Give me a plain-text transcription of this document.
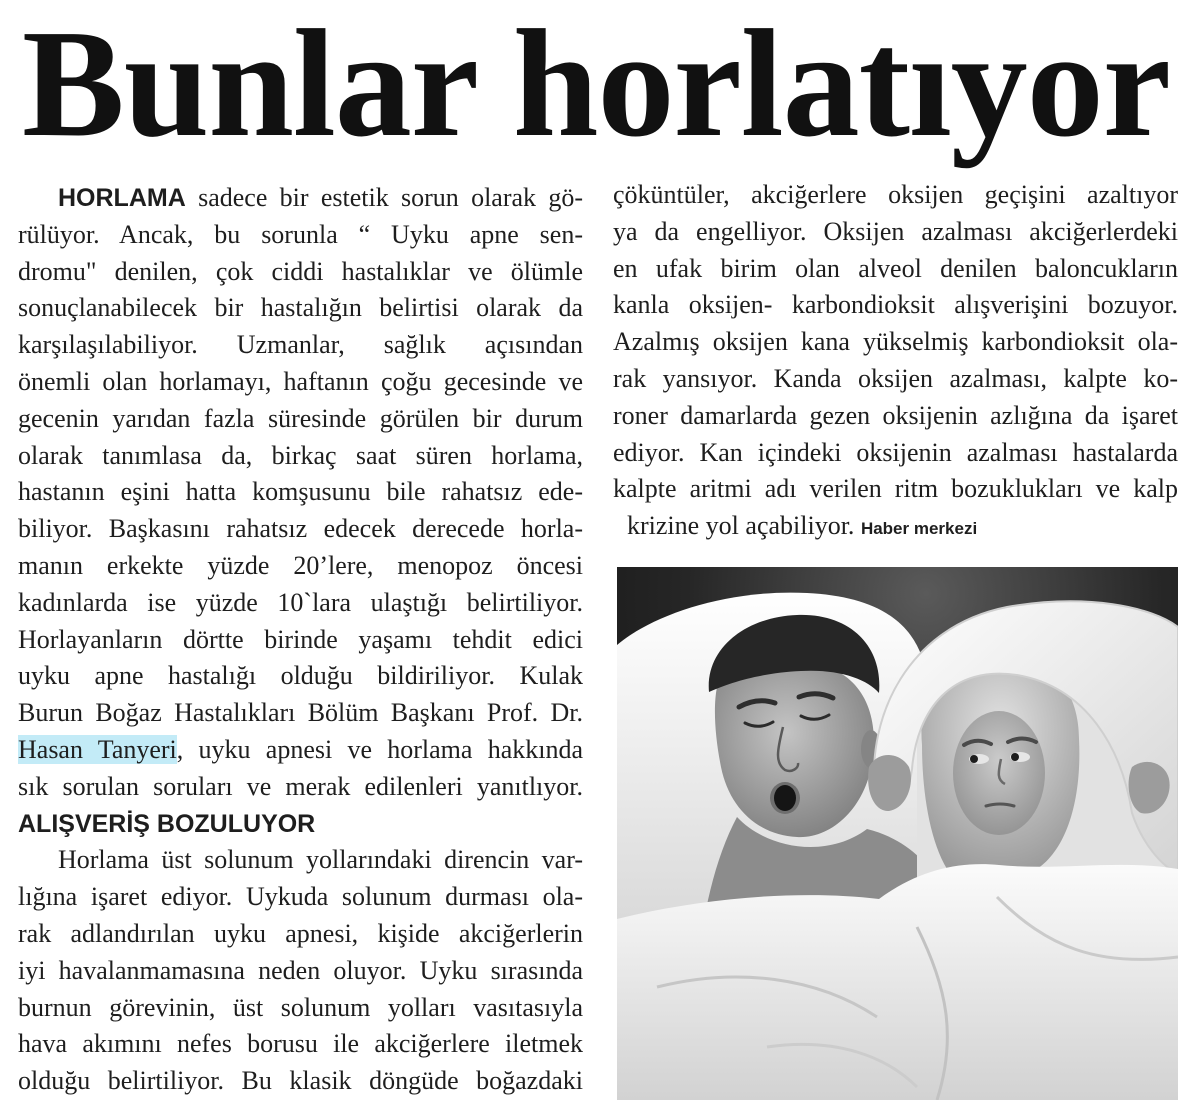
Bunlar horlatıyor
HORLAMA sadece bir estetik sorun olarak gö-
rülüyor. Ancak, bu sorunla “ Uyku apne sen-
dromu" denilen, çok ciddi hastalıklar ve ölümle
sonuçlanabilecek bir hastalığın belirtisi olarak da
karşılaşılabiliyor. Uzmanlar, sağlık açısından
önemli olan horlamayı, haftanın çoğu gecesinde ve
gecenin yarıdan fazla süresinde görülen bir durum
olarak tanımlasa da, birkaç saat süren horlama,
hastanın eşini hatta komşusunu bile rahatsız ede-
biliyor. Başkasını rahatsız edecek derecede horla-
manın erkekte yüzde 20’lere, menopoz öncesi
kadınlarda ise yüzde 10`lara ulaştığı belirtiliyor.
Horlayanların dörtte birinde yaşamı tehdit edici
uyku apne hastalığı olduğu bildiriliyor. Kulak
Burun Boğaz Hastalıkları Bölüm Başkanı Prof. Dr.
Hasan Tanyeri, uyku apnesi ve horlama hakkında
sık sorulan soruları ve merak edilenleri yanıtlıyor.
ALIŞVERİŞ BOZULUYOR
Horlama üst solunum yollarındaki direncin var-
lığına işaret ediyor. Uykuda solunum durması ola-
rak adlandırılan uyku apnesi, kişide akciğerlerin
iyi havalanmamasına neden oluyor. Uyku sırasında
burnun görevinin, üst solunum yolları vasıtasıyla
hava akımını nefes borusu ile akciğerlere iletmek
olduğu belirtiliyor. Bu klasik döngüde boğazdaki
çöküntüler, akciğerlere oksijen geçişini azaltıyor
ya da engelliyor. Oksijen azalması akciğerlerdeki
en ufak birim olan alveol denilen baloncukların
kanla oksijen- karbondioksit alışverişini bozuyor.
Azalmış oksijen kana yükselmiş karbondioksit ola-
rak yansıyor. Kanda oksijen azalması, kalpte ko-
roner damarlarda gezen oksijenin azlığına da işaret
ediyor. Kan içindeki oksijenin azalması hastalarda
kalpte aritmi adı verilen ritm bozuklukları ve kalp
krizine yol açabiliyor. Haber merkezi
